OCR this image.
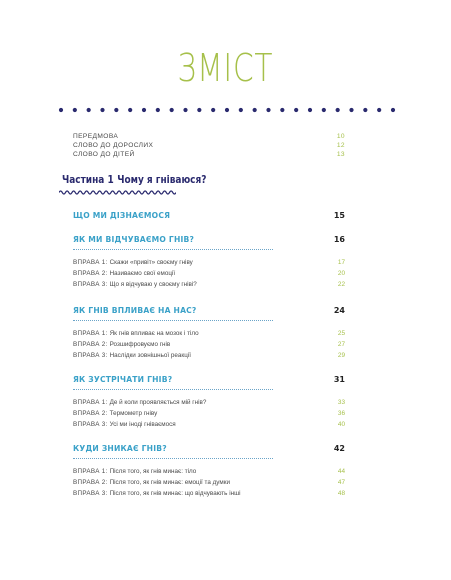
ЗМІСТ
ПЕРЕДМОВА	10
СЛОВО ДО ДОРОСЛИХ	12
СЛОВО ДО ДІТЕЙ	13
Частина 1 Чому я гніваюся?
ЩО МИ ДІЗНАЄМОСЯ	15
ЯК МИ ВІДЧУВАЄМО ГНІВ?	16
ВПРАВА 1: Скажи «привіт» своєму гніву	17
ВПРАВА 2: Називаємо свої емоції	20
ВПРАВА 3: Що я відчуваю у своєму гніві?	22
ЯК ГНІВ ВПЛИВАЄ НА НАС?	24
ВПРАВА 1: Як гнів впливає на мозок і тіло	25
ВПРАВА 2: Розшифровуємо гнів	27
ВПРАВА 3: Наслідки зовнішньої реакції	29
ЯК ЗУСТРІЧАТИ ГНІВ?	31
ВПРАВА 1: Де й коли проявляється мій гнів?	33
ВПРАВА 2: Термометр гніву	36
ВПРАВА 3: Усі ми іноді гніваємося	40
КУДИ ЗНИКАЄ ГНІВ?	42
ВПРАВА 1: Після того, як гнів минає: тіло	44
ВПРАВА 2: Після того, як гнів минає: емоції та думки	47
ВПРАВА 3: Після того, як гнів минає: що відчувають інші	48
